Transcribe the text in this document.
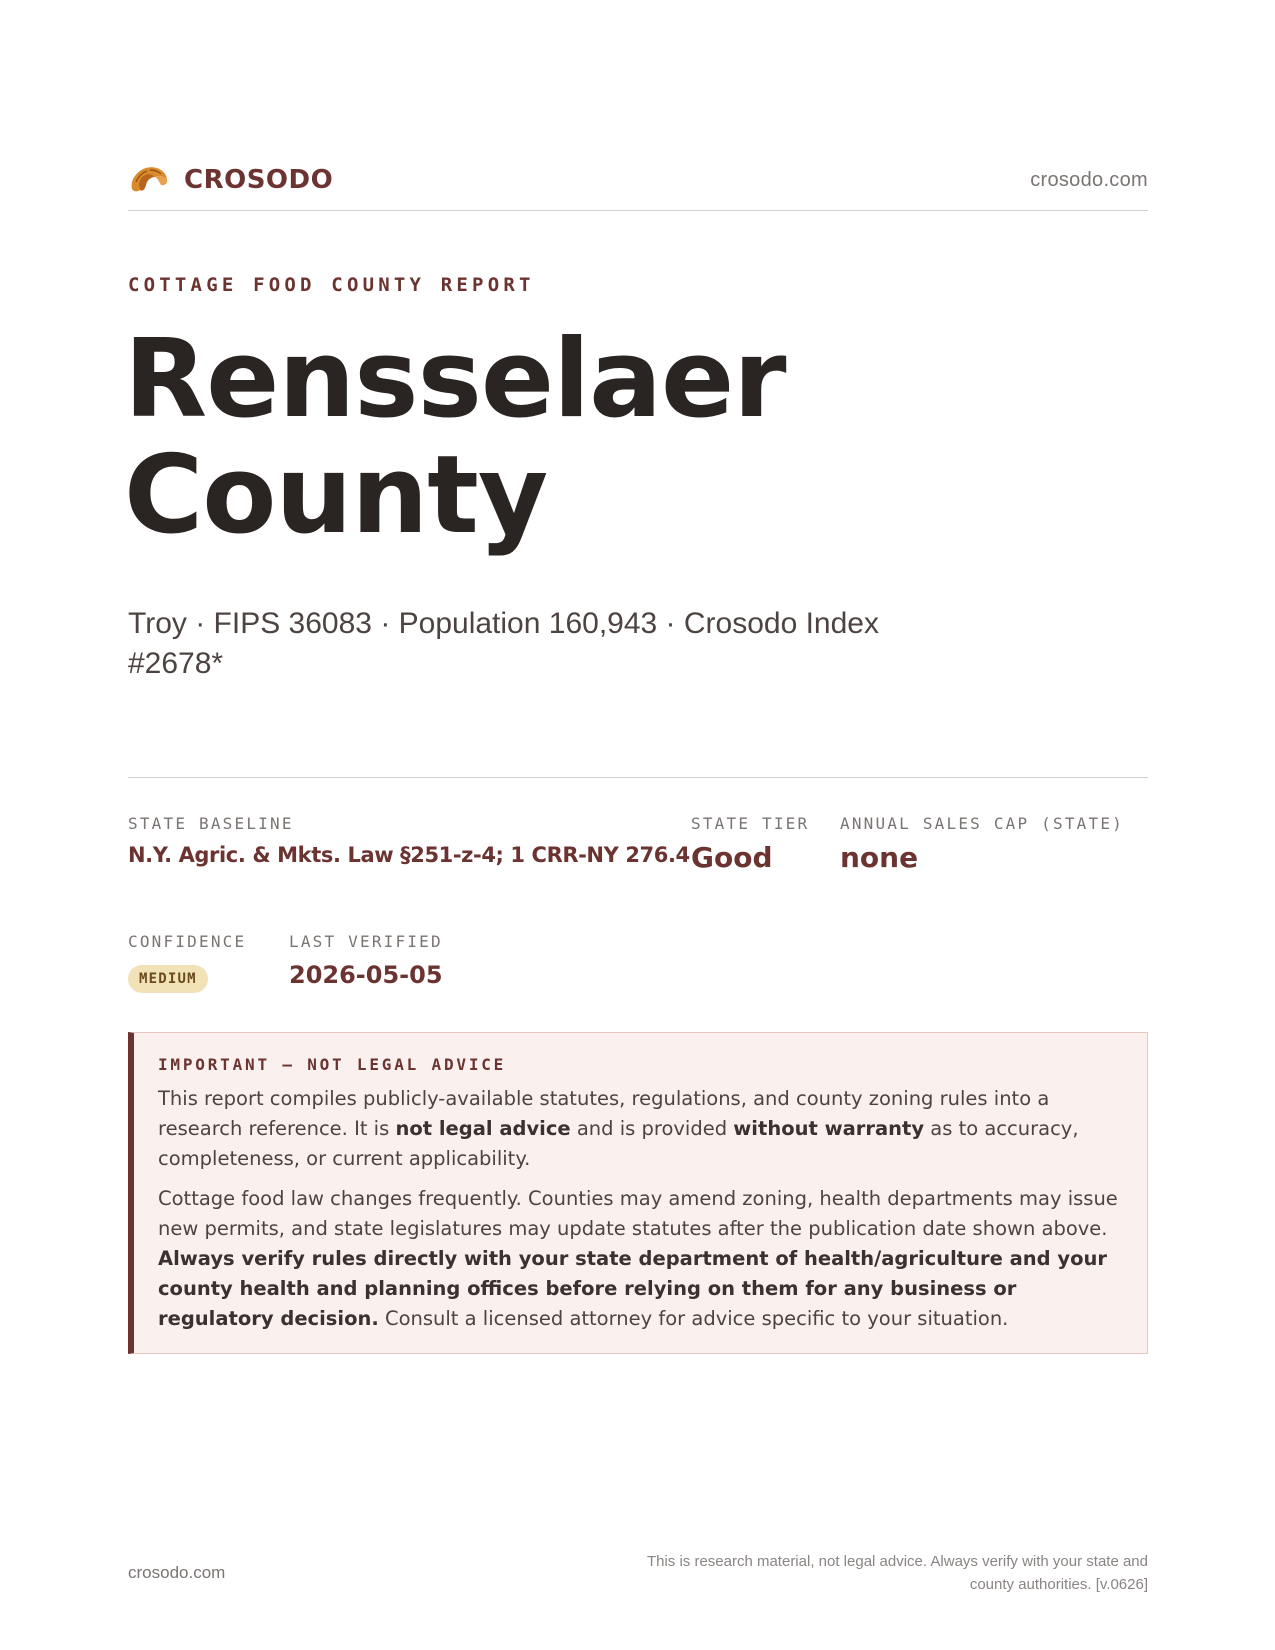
CROSODO	crosodo.com
COTTAGE FOOD COUNTY REPORT
Rensselaer County
Troy · FIPS 36083 · Population 160,943 · Crosodo Index #2678*
STATE BASELINE
N.Y. Agric. & Mkts. Law §251-z-4; 1 CRR-NY 276.4
STATE TIER
Good
ANNUAL SALES CAP (STATE)
none
CONFIDENCE
MEDIUM
LAST VERIFIED
2026-05-05
IMPORTANT — NOT LEGAL ADVICE

This report compiles publicly-available statutes, regulations, and county zoning rules into a research reference. It is not legal advice and is provided without warranty as to accuracy, completeness, or current applicability.

Cottage food law changes frequently. Counties may amend zoning, health departments may issue new permits, and state legislatures may update statutes after the publication date shown above. Always verify rules directly with your state department of health/agriculture and your county health and planning offices before relying on them for any business or regulatory decision. Consult a licensed attorney for advice specific to your situation.

crosodo.com
This is research material, not legal advice. Always verify with your state and county authorities. [v.0626]
